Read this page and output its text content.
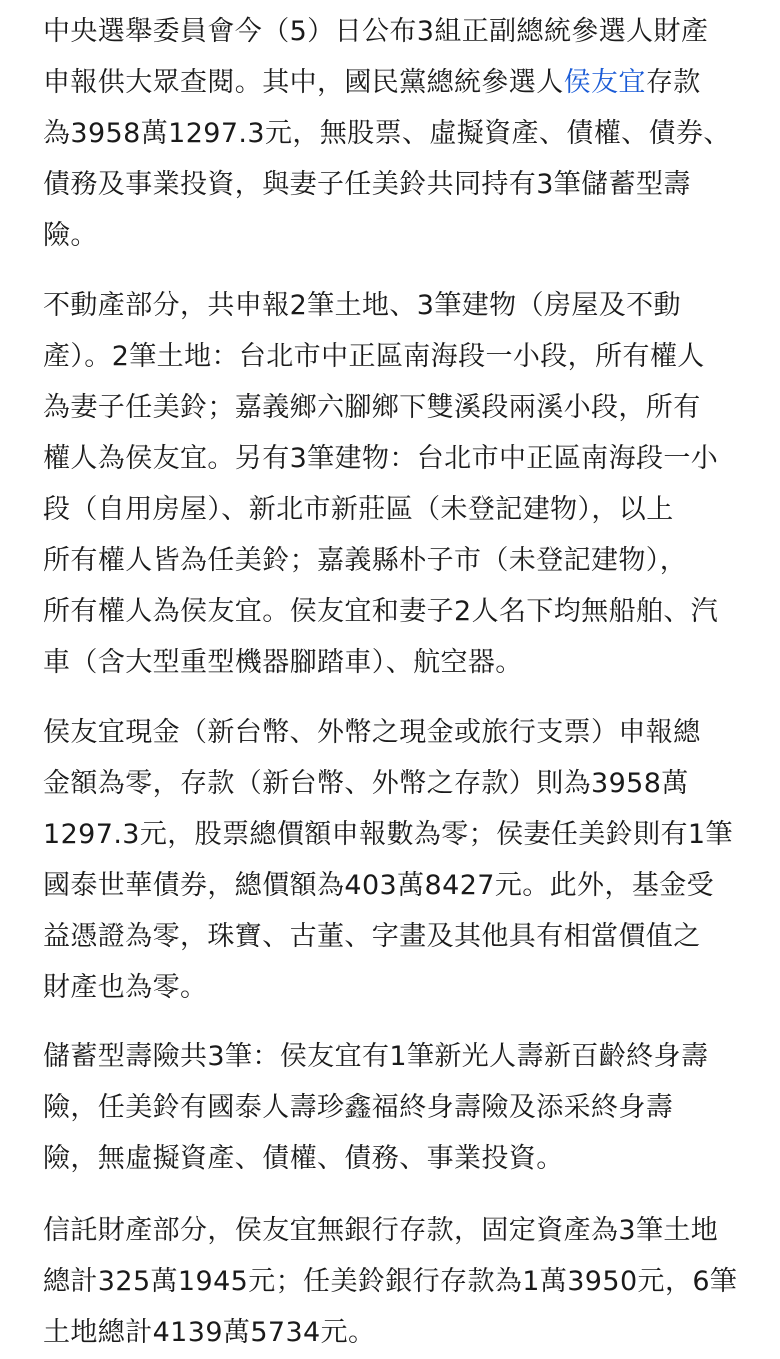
中央選舉委員會今（5）日公布3組正副總統參選人財產
申報供大眾查閱。其中，國民黨總統參選人侯友宜存款
為3958萬1297.3元，無股票、虛擬資產、債權、債券、
債務及事業投資，與妻子任美鈴共同持有3筆儲蓄型壽
險。

不動產部分，共申報2筆土地、3筆建物（房屋及不動
產）。2筆土地：台北市中正區南海段一小段，所有權人
為妻子任美鈴；嘉義鄉六腳鄉下雙溪段兩溪小段，所有
權人為侯友宜。另有3筆建物：台北市中正區南海段一小
段（自用房屋）、新北市新莊區（未登記建物），以上
所有權人皆為任美鈴；嘉義縣朴子市（未登記建物），
所有權人為侯友宜。侯友宜和妻子2人名下均無船舶、汽
車（含大型重型機器腳踏車）、航空器。

侯友宜現金（新台幣、外幣之現金或旅行支票）申報總
金額為零，存款（新台幣、外幣之存款）則為3958萬
1297.3元，股票總價額申報數為零；侯妻任美鈴則有1筆
國泰世華債券，總價額為403萬8427元。此外，基金受
益憑證為零，珠寶、古董、字畫及其他具有相當價值之
財產也為零。

儲蓄型壽險共3筆：侯友宜有1筆新光人壽新百齡終身壽
險，任美鈴有國泰人壽珍鑫福終身壽險及添采終身壽
險，無虛擬資產、債權、債務、事業投資。

信託財產部分，侯友宜無銀行存款，固定資產為3筆土地
總計325萬1945元；任美鈴銀行存款為1萬3950元，6筆
土地總計4139萬5734元。
